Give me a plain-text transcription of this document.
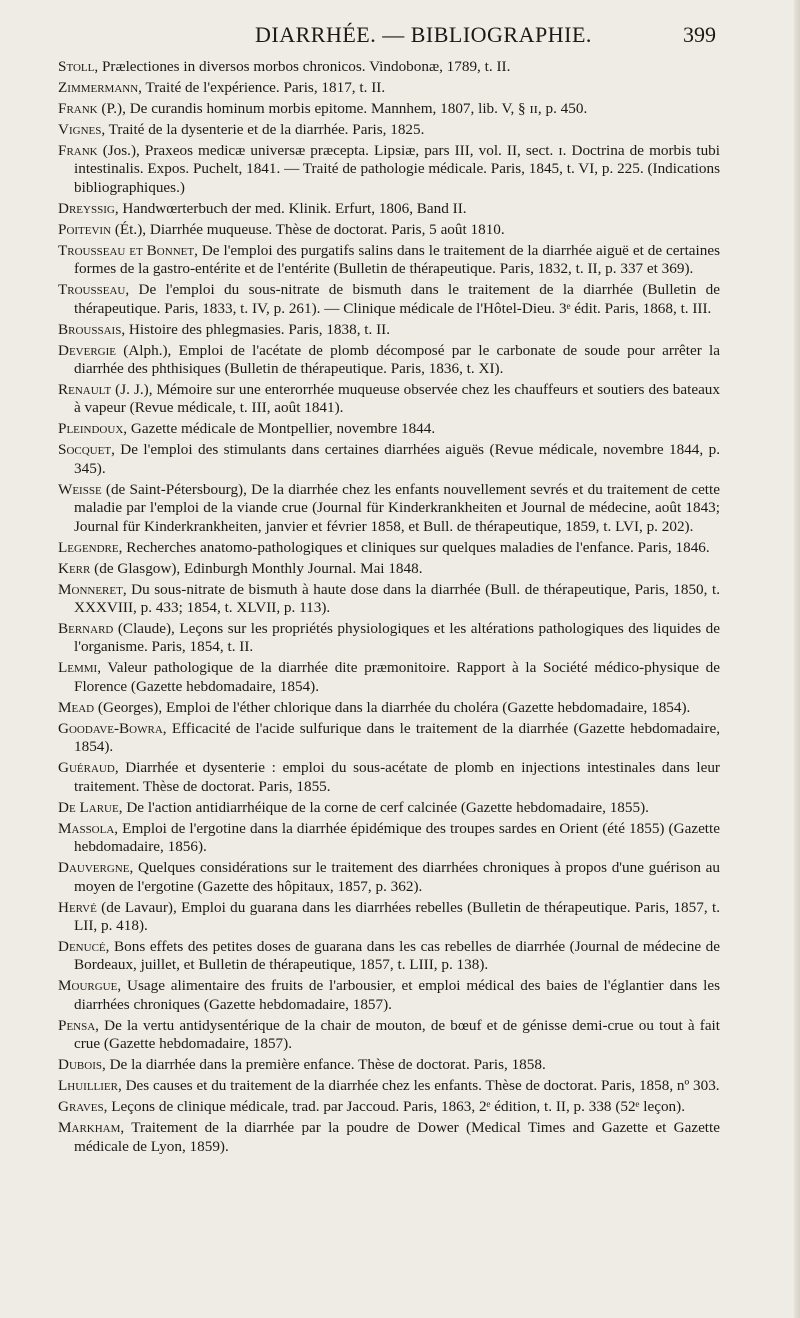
DIARRHÉE. — BIBLIOGRAPHIE.	399

Stoll, Prælectiones in diversos morbos chronicos. Vindobonæ, 1789, t. II.

Zimmermann, Traité de l'expérience. Paris, 1817, t. II.

Frank (P.), De curandis hominum morbis epitome. Mannhem, 1807, lib. V, § ɪɪ, p. 450.

Vignes, Traité de la dysenterie et de la diarrhée. Paris, 1825.

Frank (Jos.), Praxeos medicæ universæ præcepta. Lipsiæ, pars III, vol. II, sect. ɪ. Doctrina de morbis tubi intestinalis. Expos. Puchelt, 1841. — Traité de pathologie médicale. Paris, 1845, t. VI, p. 225. (Indications bibliographiques.)

Dreyssig, Handwœrterbuch der med. Klinik. Erfurt, 1806, Band II.

Poitevin (Ét.), Diarrhée muqueuse. Thèse de doctorat. Paris, 5 août 1810.

Trousseau et Bonnet, De l'emploi des purgatifs salins dans le traitement de la diarrhée aiguë et de certaines formes de la gastro-entérite et de l'entérite (Bulletin de thérapeutique. Paris, 1832, t. II, p. 337 et 369).

Trousseau, De l'emploi du sous-nitrate de bismuth dans le traitement de la diarrhée (Bulletin de thérapeutique. Paris, 1833, t. IV, p. 261). — Clinique médicale de l'Hôtel-Dieu. 3ᵉ édit. Paris, 1868, t. III.

Broussais, Histoire des phlegmasies. Paris, 1838, t. II.

Devergie (Alph.), Emploi de l'acétate de plomb décomposé par le carbonate de soude pour arrêter la diarrhée des phthisiques (Bulletin de thérapeutique. Paris, 1836, t. XI).

Renault (J. J.), Mémoire sur une enterorrhée muqueuse observée chez les chauffeurs et soutiers des bateaux à vapeur (Revue médicale, t. III, août 1841).

Pleindoux, Gazette médicale de Montpellier, novembre 1844.

Socquet, De l'emploi des stimulants dans certaines diarrhées aiguës (Revue médicale, novembre 1844, p. 345).

Weisse (de Saint-Pétersbourg), De la diarrhée chez les enfants nouvellement sevrés et du traitement de cette maladie par l'emploi de la viande crue (Journal für Kinderkrankheiten et Journal de médecine, août 1843; Journal für Kinderkrankheiten, janvier et février 1858, et Bull. de thérapeutique, 1859, t. LVI, p. 202).

Legendre, Recherches anatomo-pathologiques et cliniques sur quelques maladies de l'enfance. Paris, 1846.

Kerr (de Glasgow), Edinburgh Monthly Journal. Mai 1848.

Monneret, Du sous-nitrate de bismuth à haute dose dans la diarrhée (Bull. de thérapeutique, Paris, 1850, t. XXXVIII, p. 433; 1854, t. XLVII, p. 113).

Bernard (Claude), Leçons sur les propriétés physiologiques et les altérations pathologiques des liquides de l'organisme. Paris, 1854, t. II.

Lemmi, Valeur pathologique de la diarrhée dite præmonitoire. Rapport à la Société médico-physique de Florence (Gazette hebdomadaire, 1854).

Mead (Georges), Emploi de l'éther chlorique dans la diarrhée du choléra (Gazette hebdomadaire, 1854).

Goodave-Bowra, Efficacité de l'acide sulfurique dans le traitement de la diarrhée (Gazette hebdomadaire, 1854).

Guéraud, Diarrhée et dysenterie : emploi du sous-acétate de plomb en injections intestinales dans leur traitement. Thèse de doctorat. Paris, 1855.

De Larue, De l'action antidiarrhéique de la corne de cerf calcinée (Gazette hebdomadaire, 1855).

Massola, Emploi de l'ergotine dans la diarrhée épidémique des troupes sardes en Orient (été 1855) (Gazette hebdomadaire, 1856).

Dauvergne, Quelques considérations sur le traitement des diarrhées chroniques à propos d'une guérison au moyen de l'ergotine (Gazette des hôpitaux, 1857, p. 362).

Hervé (de Lavaur), Emploi du guarana dans les diarrhées rebelles (Bulletin de thérapeutique. Paris, 1857, t. LII, p. 418).

Denucé, Bons effets des petites doses de guarana dans les cas rebelles de diarrhée (Journal de médecine de Bordeaux, juillet, et Bulletin de thérapeutique, 1857, t. LIII, p. 138).

Mourgue, Usage alimentaire des fruits de l'arbousier, et emploi médical des baies de l'églantier dans les diarrhées chroniques (Gazette hebdomadaire, 1857).

Pensa, De la vertu antidysentérique de la chair de mouton, de bœuf et de génisse demi-crue ou tout à fait crue (Gazette hebdomadaire, 1857).

Dubois, De la diarrhée dans la première enfance. Thèse de doctorat. Paris, 1858.

Lhuillier, Des causes et du traitement de la diarrhée chez les enfants. Thèse de doctorat. Paris, 1858, nº 303.

Graves, Leçons de clinique médicale, trad. par Jaccoud. Paris, 1863, 2ᵉ édition, t. II, p. 338 (52ᵉ leçon).

Markham, Traitement de la diarrhée par la poudre de Dower (Medical Times and Gazette et Gazette médicale de Lyon, 1859).
